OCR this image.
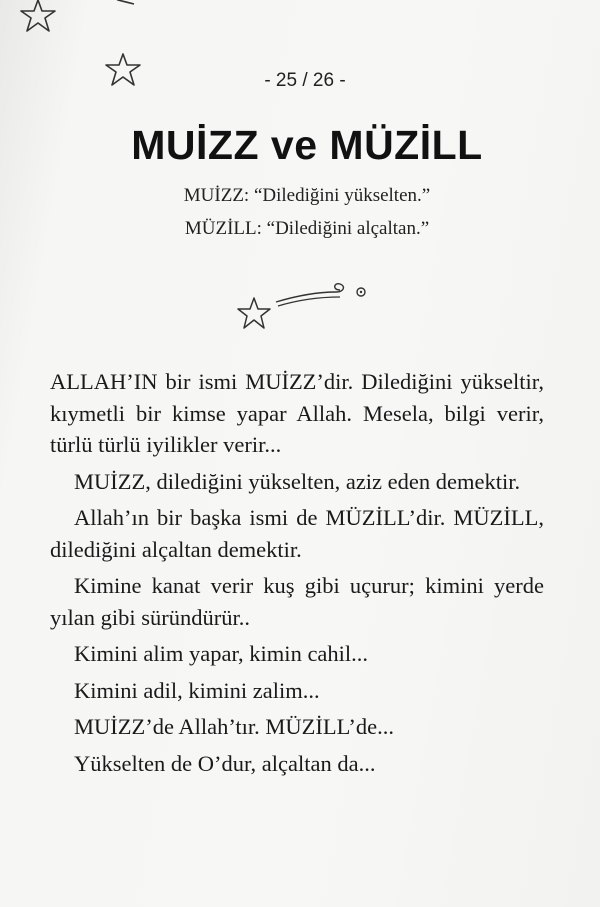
- 25 / 26 -
MUİZZ ve MÜZİLL
MUİZZ: “Dilediğini yükselten.”
MÜZİLL: “Dilediğini alçaltan.”

ALLAH’IN bir ismi MUİZZ’dir. Dilediğini yükseltir, kıymetli bir kimse yapar Allah. Mesela, bilgi verir, türlü türlü iyilikler verir...

MUİZZ, dilediğini yükselten, aziz eden demektir.

Allah’ın bir başka ismi de MÜZİLL’dir. MÜZİLL, dilediğini alçaltan demektir.

Kimine kanat verir kuş gibi uçurur; kimini yerde yılan gibi süründürür..

Kimini alim yapar, kimin cahil...

Kimini adil, kimini zalim...

MUİZZ’de Allah’tır. MÜZİLL’de...

Yükselten de O’dur, alçaltan da...
